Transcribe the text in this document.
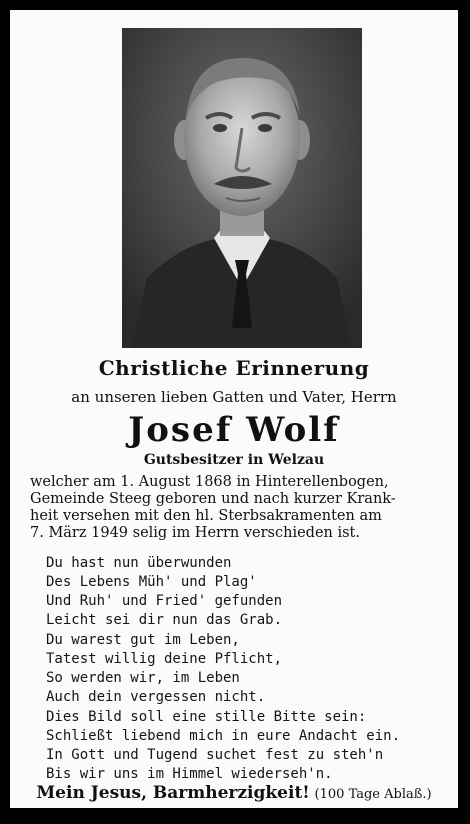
Christliche Erinnerung
an unseren lieben Gatten und Vater, Herrn
Josef Wolf
Gutsbesitzer in Welzau
welcher am 1. August 1868 in Hinterellenbogen,
Gemeinde Steeg geboren und nach kurzer Krank-
heit versehen mit den hl. Sterbsakramenten am
7. März 1949 selig im Herrn verschieden ist.
Du hast nun überwunden
Des Lebens Müh' und Plag'
Und Ruh' und Fried' gefunden
Leicht sei dir nun das Grab.
Du warest gut im Leben,
Tatest willig deine Pflicht,
So werden wir, im Leben
Auch dein vergessen nicht.
Dies Bild soll eine stille Bitte sein:
Schließt liebend mich in eure Andacht ein.
In Gott und Tugend suchet fest zu steh'n
Bis wir uns im Himmel wiederseh'n.
Mein Jesus, Barmherzigkeit! (100 Tage Ablaß.)
